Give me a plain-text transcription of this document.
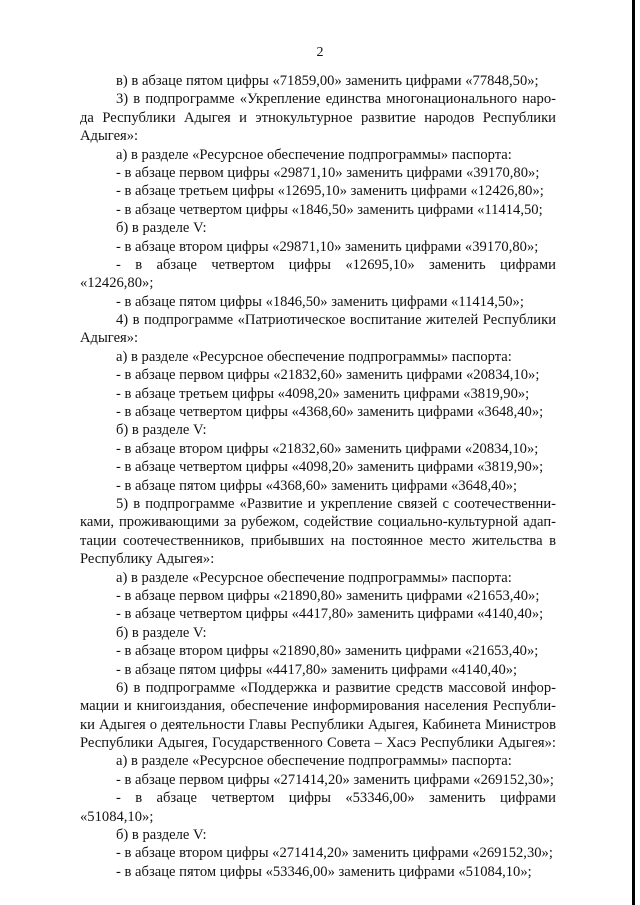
2
в) в абзаце пятом цифры «71859,00» заменить цифрами «77848,50»;
3) в подпрограмме «Укрепление единства многонационального наро-
да Республики Адыгея и этнокультурное развитие народов Республики
Адыгея»:
а) в разделе «Ресурсное обеспечение подпрограммы» паспорта:
- в абзаце первом цифры «29871,10» заменить цифрами «39170,80»;
- в абзаце третьем цифры «12695,10» заменить цифрами «12426,80»;
- в абзаце четвертом цифры «1846,50» заменить цифрами «11414,50;
б) в разделе V:
- в абзаце втором цифры «29871,10» заменить цифрами «39170,80»;
- в абзаце четвертом цифры «12695,10» заменить цифрами
«12426,80»;
- в абзаце пятом цифры «1846,50» заменить цифрами «11414,50»;
4) в подпрограмме «Патриотическое воспитание жителей Республики
Адыгея»:
а) в разделе «Ресурсное обеспечение подпрограммы» паспорта:
- в абзаце первом цифры «21832,60» заменить цифрами «20834,10»;
- в абзаце третьем цифры «4098,20» заменить цифрами «3819,90»;
- в абзаце четвертом цифры «4368,60» заменить цифрами «3648,40»;
б) в разделе V:
- в абзаце втором цифры «21832,60» заменить цифрами «20834,10»;
- в абзаце четвертом цифры «4098,20» заменить цифрами «3819,90»;
- в абзаце пятом цифры «4368,60» заменить цифрами «3648,40»;
5) в подпрограмме «Развитие и укрепление связей с соотечественни-
ками, проживающими за рубежом, содействие социально-культурной адап-
тации соотечественников, прибывших на постоянное место жительства в
Республику Адыгея»:
а) в разделе «Ресурсное обеспечение подпрограммы» паспорта:
- в абзаце первом цифры «21890,80» заменить цифрами «21653,40»;
- в абзаце четвертом цифры «4417,80» заменить цифрами «4140,40»;
б) в разделе V:
- в абзаце втором цифры «21890,80» заменить цифрами «21653,40»;
- в абзаце пятом цифры «4417,80» заменить цифрами «4140,40»;
6) в подпрограмме «Поддержка и развитие средств массовой инфор-
мации и книгоиздания, обеспечение информирования населения Республи-
ки Адыгея о деятельности Главы Республики Адыгея, Кабинета Министров
Республики Адыгея, Государственного Совета – Хасэ Республики Адыгея»:
а) в разделе «Ресурсное обеспечение подпрограммы» паспорта:
- в абзаце первом цифры «271414,20» заменить цифрами «269152,30»;
- в абзаце четвертом цифры «53346,00» заменить цифрами
«51084,10»;
б) в разделе V:
- в абзаце втором цифры «271414,20» заменить цифрами «269152,30»;
- в абзаце пятом цифры «53346,00» заменить цифрами «51084,10»;
